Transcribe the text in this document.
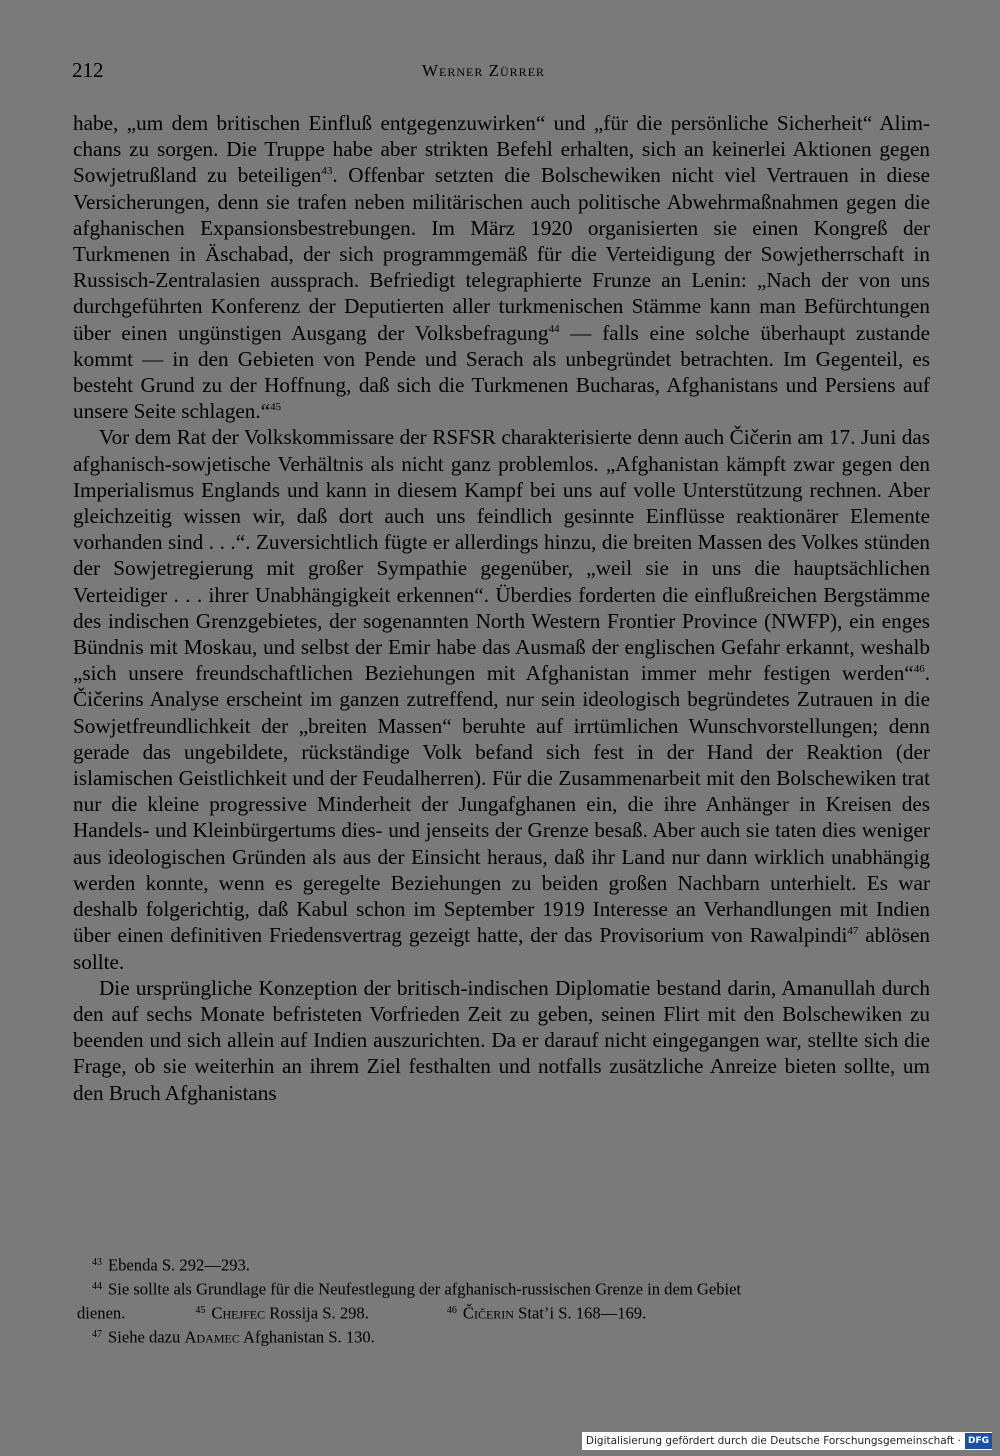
212	Werner Zürrer

habe, „um dem britischen Einfluß entgegenzuwirken“ und „für die persönliche Sicherheit“ Alim-chans zu sorgen. Die Truppe habe aber strikten Befehl erhalten, sich an keinerlei Aktionen gegen Sowjetrußland zu beteiligen$^{43}$. Offenbar setzten die Bolschewiken nicht viel Vertrauen in diese Versicherungen, denn sie trafen neben militärischen auch politische Abwehrmaßnahmen gegen die afghanischen Expansionsbestrebungen. Im März 1920 organisierten sie einen Kongreß der Turkmenen in Äschabad, der sich programmgemäß für die Verteidigung der Sowjetherrschaft in Russisch-Zentralasien aussprach. Befriedigt telegraphierte Frunze an Lenin: „Nach der von uns durchgeführten Konferenz der Deputierten aller turkmenischen Stämme kann man Befürchtungen über einen ungünstigen Ausgang der Volksbefragung$^{44}$ — falls eine solche überhaupt zustande kommt — in den Gebieten von Pende und Serach als unbegründet betrachten. Im Gegenteil, es besteht Grund zu der Hoffnung, daß sich die Turkmenen Bucharas, Afghanistans und Persiens auf unsere Seite schlagen.“$^{45}$

Vor dem Rat der Volkskommissare der RSFSR charakterisierte denn auch Čičerin am 17. Juni das afghanisch-sowjetische Verhältnis als nicht ganz problemlos. „Afghanistan kämpft zwar gegen den Imperialismus Englands und kann in diesem Kampf bei uns auf volle Unterstützung rechnen. Aber gleichzeitig wissen wir, daß dort auch uns feindlich gesinnte Einflüsse reaktionärer Elemente vorhanden sind . . .“. Zuversichtlich fügte er allerdings hinzu, die breiten Massen des Volkes stünden der Sowjetregierung mit großer Sympathie gegenüber, „weil sie in uns die hauptsächlichen Verteidiger . . . ihrer Unabhängigkeit erkennen“. Überdies forderten die einflußreichen Bergstämme des indischen Grenzgebietes, der sogenannten North Western Frontier Province (NWFP), ein enges Bündnis mit Moskau, und selbst der Emir habe das Ausmaß der englischen Gefahr erkannt, weshalb „sich unsere freundschaftlichen Beziehungen mit Afghanistan immer mehr festigen werden“$^{46}$. Čičerins Analyse erscheint im ganzen zutreffend, nur sein ideologisch begründetes Zutrauen in die Sowjetfreundlichkeit der „breiten Massen“ beruhte auf irrtümlichen Wunschvorstellungen; denn gerade das ungebildete, rückständige Volk befand sich fest in der Hand der Reaktion (der islamischen Geistlichkeit und der Feudalherren). Für die Zusammenarbeit mit den Bolschewiken trat nur die kleine progressive Minderheit der Jungafghanen ein, die ihre Anhänger in Kreisen des Handels- und Kleinbürgertums dies- und jenseits der Grenze besaß. Aber auch sie taten dies weniger aus ideologischen Gründen als aus der Einsicht heraus, daß ihr Land nur dann wirklich unabhängig werden konnte, wenn es geregelte Beziehungen zu beiden großen Nachbarn unterhielt. Es war deshalb folgerichtig, daß Kabul schon im September 1919 Interesse an Verhandlungen mit Indien über einen definitiven Friedensvertrag gezeigt hatte, der das Provisorium von Rawalpindi$^{47}$ ablösen sollte.

Die ursprüngliche Konzeption der britisch-indischen Diplomatie bestand darin, Amanullah durch den auf sechs Monate befristeten Vorfrieden Zeit zu geben, seinen Flirt mit den Bolschewiken zu beenden und sich allein auf Indien auszurichten. Da er darauf nicht eingegangen war, stellte sich die Frage, ob sie weiterhin an ihrem Ziel festhalten und notfalls zusätzliche Anreize bieten sollte, um den Bruch Afghanistans

$^{43}$ Ebenda S. 292—293.

$^{44}$ Sie sollte als Grundlage für die Neufestlegung der afghanisch-russischen Grenze in dem Gebiet

dienen.	$^{45}$ Chejfec Rossija S. 298.	$^{46}$ Čičerin Stat’i S. 168—169.

$^{47}$ Siehe dazu Adamec Afghanistan S. 130.

Digitalisierung gefördert durch die Deutsche Forschungsgemeinschaft · DFG
